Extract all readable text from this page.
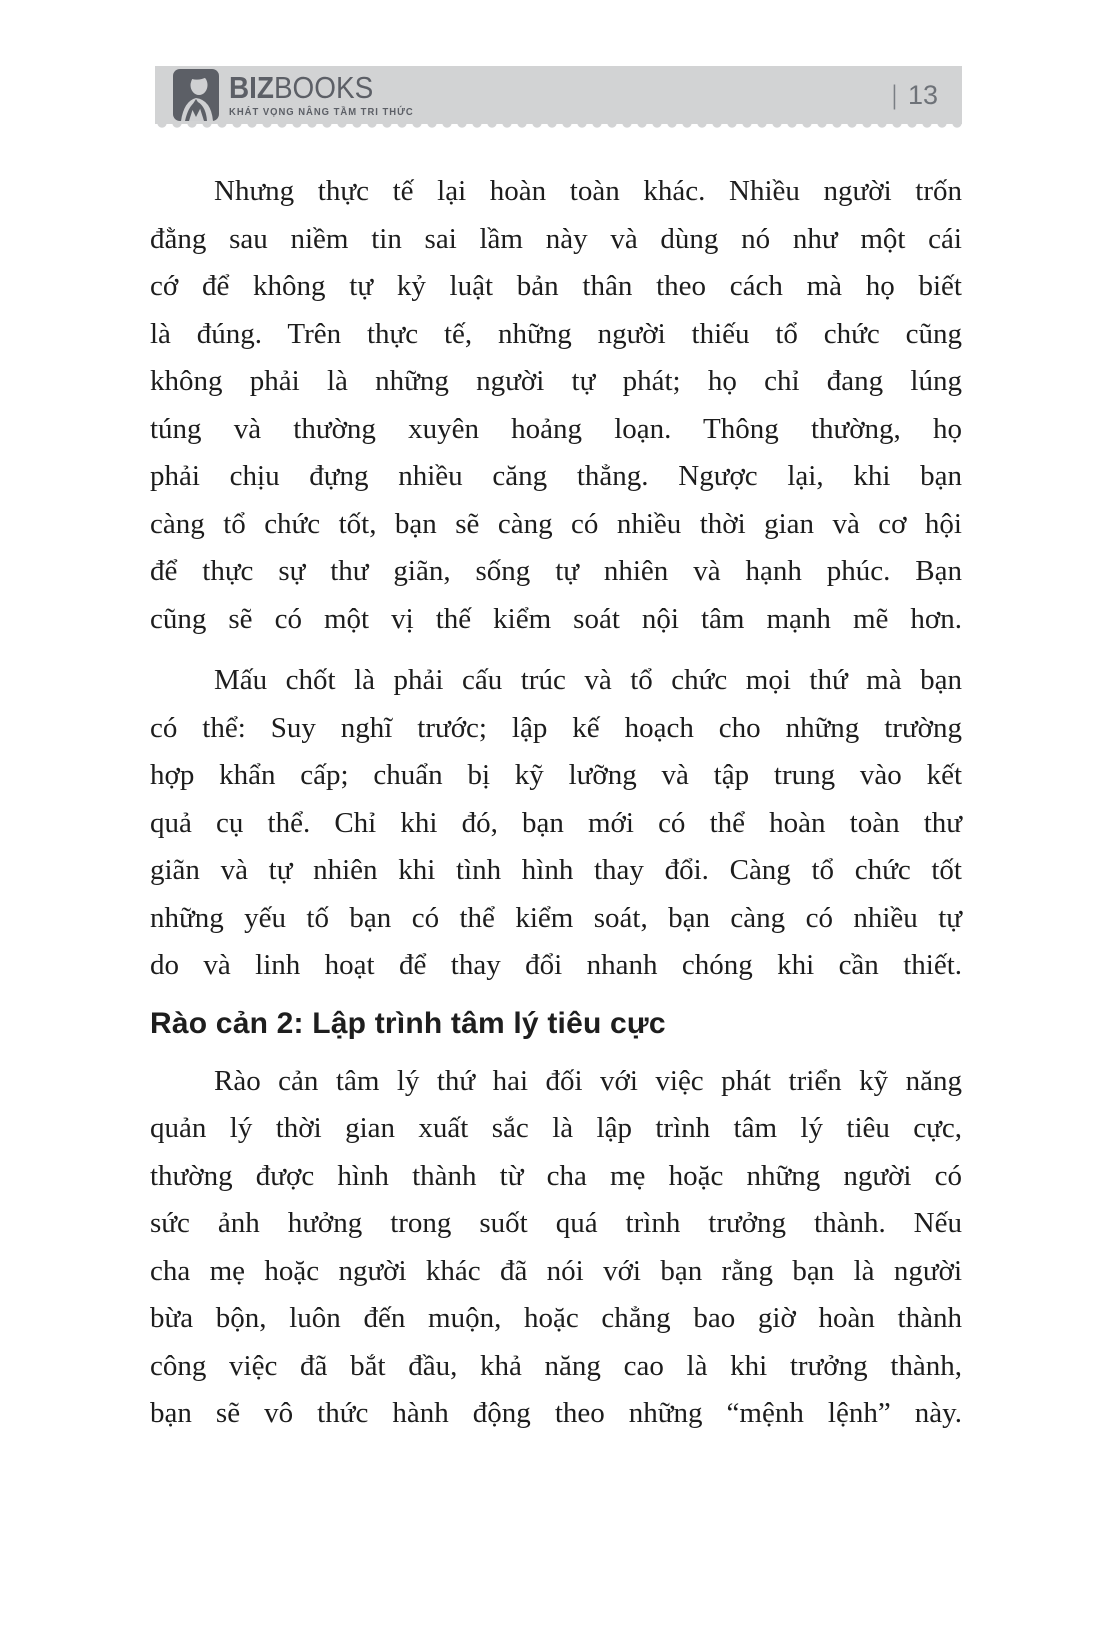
BIZBOOKS
KHÁT VỌNG NÂNG TẦM TRI THỨC
| 13

Nhưng thực tế lại hoàn toàn khác. Nhiều người trốn
đằng sau niềm tin sai lầm này và dùng nó như một cái
cớ để không tự kỷ luật bản thân theo cách mà họ biết
là đúng. Trên thực tế, những người thiếu tổ chức cũng
không phải là những người tự phát; họ chỉ đang lúng
túng và thường xuyên hoảng loạn. Thông thường, họ
phải chịu đựng nhiều căng thẳng. Ngược lại, khi bạn
càng tổ chức tốt, bạn sẽ càng có nhiều thời gian và cơ hội
để thực sự thư giãn, sống tự nhiên và hạnh phúc. Bạn
cũng sẽ có một vị thế kiểm soát nội tâm mạnh mẽ hơn.

Mấu chốt là phải cấu trúc và tổ chức mọi thứ mà bạn
có thể: Suy nghĩ trước; lập kế hoạch cho những trường
hợp khẩn cấp; chuẩn bị kỹ lưỡng và tập trung vào kết
quả cụ thể. Chỉ khi đó, bạn mới có thể hoàn toàn thư
giãn và tự nhiên khi tình hình thay đổi. Càng tổ chức tốt
những yếu tố bạn có thể kiểm soát, bạn càng có nhiều tự
do và linh hoạt để thay đổi nhanh chóng khi cần thiết.

Rào cản 2: Lập trình tâm lý tiêu cực

Rào cản tâm lý thứ hai đối với việc phát triển kỹ năng
quản lý thời gian xuất sắc là lập trình tâm lý tiêu cực,
thường được hình thành từ cha mẹ hoặc những người có
sức ảnh hưởng trong suốt quá trình trưởng thành. Nếu
cha mẹ hoặc người khác đã nói với bạn rằng bạn là người
bừa bộn, luôn đến muộn, hoặc chẳng bao giờ hoàn thành
công việc đã bắt đầu, khả năng cao là khi trưởng thành,
bạn sẽ vô thức hành động theo những “mệnh lệnh” này.
